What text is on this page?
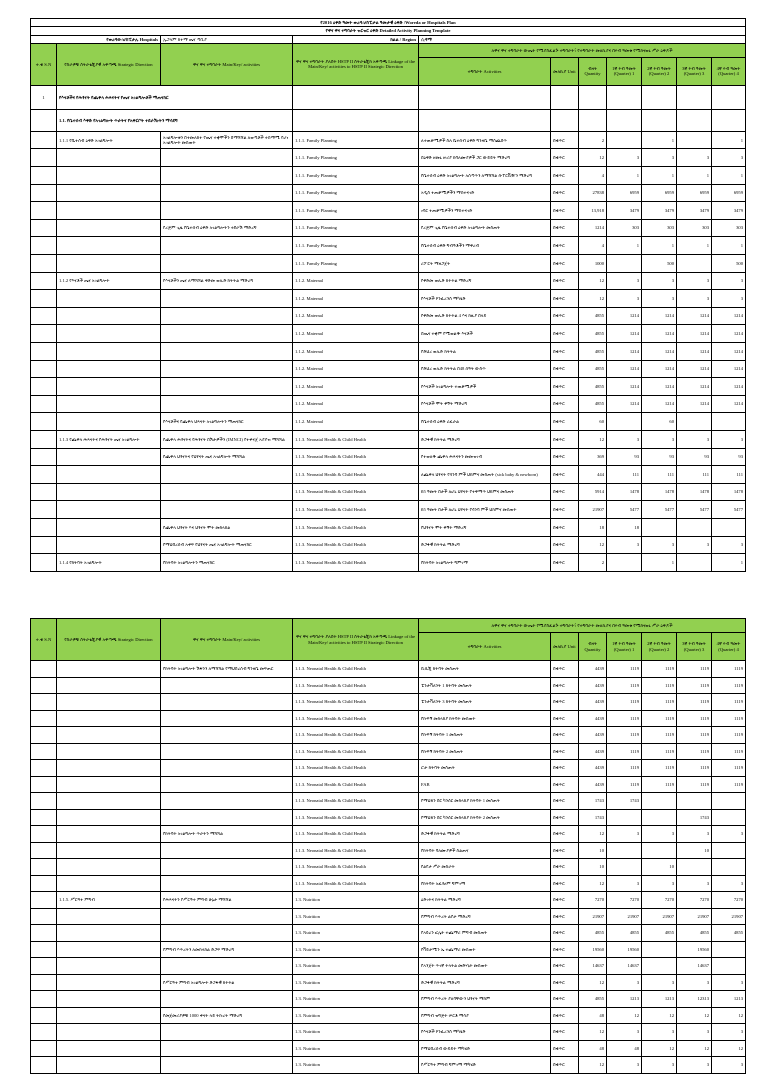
የ2016 ዕቅድ ዓመት ወረዳ/ሆስፒታል ዓመታዊ ዕቅድ /Woreda or Hospitals Plan										
የዋና ዋና ተግባራት ዝርዝር ዕቅድ Detailed Activity Planning Template										
የወረዳው/ሆስፒታሉ Hospitals		ኢጋላም ከተማ ጤና ጣቢያ	ክልል / Region	ሲዳማ						
ተ.ቁ S.N	የስራዎቹ ስትራቴጂያዊ አቅጣጫ Strategic Direction	ዋና ዋና ተግባራት Main/Key/ activities	ዋና ዋና ተግባራት ያለበት HSTP II ስትራቴጂክ አቅጣጫ Linkage of the Main/Key/ activities to HSTP II Strategic Direction	ለዋና ዋና ተግባራት ውጤት የሚያስፈልጉ ተግባራት፣ የተግባራት መለኪያና በሩብ ዓመቱ የሚከናወኑ ሥራ ዕቅዶች						
				ተግባራት Activities	መለኪያ Unit	ብዛት Quantity	1ኛ ሩብ ዓመት (Quarter) 1	2ኛ ሩብ ዓመት (Quarter) 2	3ኛ ሩብ ዓመት (Quarter) 3	4ኛ ሩብ ዓመት (Quarter) 4
1	የእናቶችና የሕፃናት የጨቅላ ሕጻናትና የጤና አገልግሎቶች ማጠናከር									
	1.1. የቤተሰብ እቅድ የአገልግሎት ጥራትና የአቅርቦት ተደራሽነትን ማሳደግ									
	1.1.1 የቤተሰብ ዕቅድ አገልግሎት	አገልግሎቱን በተመለከተ የጤና ተቋሞችን በማሻሻል ለወጣቶች ተስማሚ የሆነ አገልግሎት መስጠት	1.1.1. Family Planning	ለተጠቃሚዎች ስለ ቤተሰብ ዕቅድ ግንዛቤ ማስጨበጥ	በቁጥር	2		1		1
			1.1.1. Family Planning	በዕቅድ ዘመኑ ዙሪያ ከባለሙያዎች ጋር ውይይት ማድረግ	በቁጥር	12	3	3	3	3
			1.1.1. Family Planning	የቤተሰብ ዕቅድ አገልግሎት አሰጣጥን ለማሻሻል ሱፐርቪዥን ማድረግ	በቁጥር	4	1	1	1	1
			1.1.1. Family Planning	አዲስ ተጠቃሚዎችን ማስተናገድ	በቁጥር	27838	6959	6959	6959	6959
			1.1.1. Family Planning	ነባር ተጠቃሚዎችን ማስተናገድ	በቁጥር	13,918	3479	3479	3479	3479
		የረጅም ጊዜ የቤተሰብ ዕቅድ አገልግሎትን ተደራሽ ማድረግ	1.1.1. Family Planning	የረጅም ጊዜ የቤተሰብ ዕቅድ አገልግሎት መስጠት	በቁጥር	1214	303	303	303	303
			1.1.1. Family Planning	የቤተሰብ ዕቅድ ግብዓቶችን ማቅረብ	በቁጥር	4	1	1	1	1
			1.1.1. Family Planning	ሪፖርት ማዘጋጀት	በቁጥር	1000		500		500
	1.1.2 የእናቶች ጤና አገልግሎት	የእናቶችን ጤና ለማሻሻል ቅድመ ወሊድ ክትትል ማድረግ	1.1.2. Maternal	የቅድመ ወሊድ ክትትል ማድረግ	በቁጥር	12	3	3	3	3
			1.1.2. Maternal	የእናቶች ኮንፈረንስ ማካሄድ	በቁጥር	12	3	3	3	3
			1.1.2. Maternal	የቅድመ ወሊድ ክትትል 4 እና ከዚያ በላይ	በቁጥር	4855	1214	1214	1214	1214
			1.1.2. Maternal	በጤና ተቋም የሚወልዱ እናቶች	በቁጥር	4855	1214	1214	1214	1214
			1.1.2. Maternal	የድህረ ወሊድ ክትትል	በቁጥር	4855	1214	1214	1214	1214
			1.1.2. Maternal	የድህረ ወሊድ ክትትል በ48 ሰዓት ውስጥ	በቁጥር	4855	1214	1214	1214	1214
			1.1.2. Maternal	የእናቶች አገልግሎት ተጠቃሚዎች	በቁጥር	4855	1214	1214	1214	1214
			1.1.2. Maternal	የእናቶች ሞት ቅኝት ማድረግ	በቁጥር	4855	1214	1214	1214	1214
		የእናቶችና የጨቅላ ህጻናት አገልግሎትን ማጠናከር	1.1.2. Maternal	የቤተሰብ ዕቅድ ሪፈራል	በቁጥር	60		60		
	1.1.3 የጨቅላ ሕጻናትና የሕፃናት ጤና አገልግሎት	የጨቅላ ሕፃናትና የሕፃናት በሽታዎችን (IMNCI) የተቀናጀ አያያዝ ማሻሻል	1.1.3. Neonatal Health & Child Health	ድጋፋዊ ክትትል ማድረግ	በቁጥር	12	3	3	3	3
		የጨቅላ ህፃናትና የህፃናት ጤና አገልግሎት ማሻሻል	1.1.3. Neonatal Health & Child Health	የተወለዱ ጨቅላ ሕጻናትን መመዝገብ	በቁጥር	369	93	93	93	93
			1.1.3. Neonatal Health & Child Health	ለጨቅላ ህፃናት የሳንባ ምች ህክምና መስጠት (sick baby & newborn)	በቁጥር	444	111	111	111	111
			1.1.3. Neonatal Health & Child Health	ከ5 ዓመት በታች ለሆኑ ህፃናት የተቅማጥ ህክምና መስጠት	በቁጥር	5914	1478	1478	1478	1478
			1.1.3. Neonatal Health & Child Health	ከ5 ዓመት በታች ለሆኑ ህፃናት የሳንባ ምች ህክምና መስጠት	በቁጥር	21907	5477	5477	5477	5477
		የጨቅላ ህፃናት እና ህፃናት ሞት መከላከል	1.1.3. Neonatal Health & Child Health	የህፃናት ሞት ቅኝት ማድረግ	በቁጥር	18	18			
		የማህበረሰብ አቀፍ የህፃናት ጤና አገልግሎት ማጠናከር	1.1.3. Neonatal Health & Child Health	ድጋፋዊ ክትትል ማድረግ	በቁጥር	12	3	3	3	3
	1.1.4 የክትባት አገልግሎት	የክትባት አገልግሎትን ማጠናከር	1.1.3. Neonatal Health & Child Health	የክትባት አገልግሎት ግምገማ	በቁጥር	2		1		1
ተ.ቁ S.N	የስራዎቹ ስትራቴጂያዊ አቅጣጫ Strategic Direction	ዋና ዋና ተግባራት Main/Key/ activities	ዋና ዋና ተግባራት ያለበት HSTP II ስትራቴጂክ አቅጣጫ Linkage of the Main/Key/ activities to HSTP II Strategic Direction	ለዋና ዋና ተግባራት ውጤት የሚያስፈልጉ ተግባራት፣ የተግባራት መለኪያና በሩብ ዓመቱ የሚከናወኑ ሥራ ዕቅዶች						
				ተግባራት Activities	መለኪያ Unit	ብዛት Quantity	1ኛ ሩብ ዓመት (Quarter) 1	2ኛ ሩብ ዓመት (Quarter) 2	3ኛ ሩብ ዓመት (Quarter) 3	4ኛ ሩብ ዓመት (Quarter) 4
		የክትባት አገልግሎት ሽፋንን ለማሻሻል የማህበረሰብ ግንዛቤ መፍጠር	1.1.3. Neonatal Health & Child Health	ቢሲጂ ክትባት መስጠት	በቁጥር	4439	1119	1119	1119	1119
			1.1.3. Neonatal Health & Child Health	ፔንታቫለንት 1 ክትባት መስጠት	በቁጥር	4439	1119	1119	1119	1119
			1.1.3. Neonatal Health & Child Health	ፔንታቫለንት 3 ክትባት መስጠት	በቁጥር	4439	1119	1119	1119	1119
			1.1.3. Neonatal Health & Child Health	የኩፍኝ መከላከያ ክትባት መስጠት	በቁጥር	4439	1119	1119	1119	1119
			1.1.3. Neonatal Health & Child Health	የኩፍኝ ክትባት 1 መስጠት	በቁጥር	4439	1119	1119	1119	1119
			1.1.3. Neonatal Health & Child Health	የኩፍኝ ክትባት 2 መስጠት	በቁጥር	4439	1119	1119	1119	1119
			1.1.3. Neonatal Health & Child Health	ሮታ ክትባት መስጠት	በቁጥር	4439	1119	1119	1119	1119
			1.1.3. Neonatal Health & Child Health	FAB	በቁጥር	4439	1119	1119	1119	1119
			1.1.3. Neonatal Health & Child Health	የማህጸን በር ካንሰር መከላከያ ክትባት 1 መስጠት	በቁጥር	1743	1743			
			1.1.3. Neonatal Health & Child Health	የማህጸን በር ካንሰር መከላከያ ክትባት 2 መስጠት	በቁጥር	1743			1743	
		የክትባት አገልግሎት ጥራትን ማሻሻል	1.1.3. Neonatal Health & Child Health	ድጋፋዊ ክትትል ማድረግ	በቁጥር	12	3	3	3	3
			1.1.3. Neonatal Health & Child Health	የክትባት ባለሙያዎች ስልጠና	በቁጥር	10			10	
			1.1.3. Neonatal Health & Child Health	የልየታ ሥራ መስራት	በቁጥር	10		10		
			1.1.3. Neonatal Health & Child Health	የክትባት አፈፃፀም ግምገማ	በቁጥር	12	3	3	3	3
	1.1.5. ሥርዓተ ምግብ	የሕጻናትን የሥርዓተ ምግብ ሁኔታ ማሻሻል	1.3. Nutrition	ዕድገትና ክትትል ማድረግ	በቁጥር	7270	7270	7270	7270	7270
			1.3. Nutrition	የምግብ እጥረት ልየታ ማድረግ	በቁጥር	21907	21907	21907	21907	21907
			1.3. Nutrition	የአይረን ፎሌት ተጨማሪ ምግብ መስጠት	በቁጥር	4855	4855	4855	4855	4855
		የምግብ እጥረትን ለመከላከል ድጋፍ ማድረግ	1.3. Nutrition	የቫይታሚን ኤ ተጨማሪ መስጠት	በቁጥር	19560	19560		19560	
			1.3. Nutrition	የአንጀት ጥገኛ ትላትል መድሃኒት መስጠት	በቁጥር	14637	14637		14637	
		የሥርዓተ ምግብ አገልግሎት ድጋፋዊ ክትትል	1.3. Nutrition	ድጋፋዊ ክትትል ማድረግ	በቁጥር	12	3	3	3	3
			1.3. Nutrition	የምግብ እጥረት ያለባቸውን ህፃናት ማከም	በቁጥር	4855	1213	1213	12313	1213
		የመጀመሪያዎቹ 1000 ቀናት ላይ ትኩረት ማድረግ	1.3. Nutrition	የምግብ ዝግጅት ሠርቶ ማሳያ	በቁጥር	48	12	12	12	12
			1.3. Nutrition	የእናቶች ኮንፈረንስ ማካሄድ	በቁጥር	12	3	3	3	3
			1.3. Nutrition	የማህበረሰብ ውይይት ማካሄድ	በቁጥር	48	48	12	12	12
			1.3. Nutrition	የሥርዓተ ምግብ ግምገማ ማካሄድ	በቁጥር	12	3	3	3	3
